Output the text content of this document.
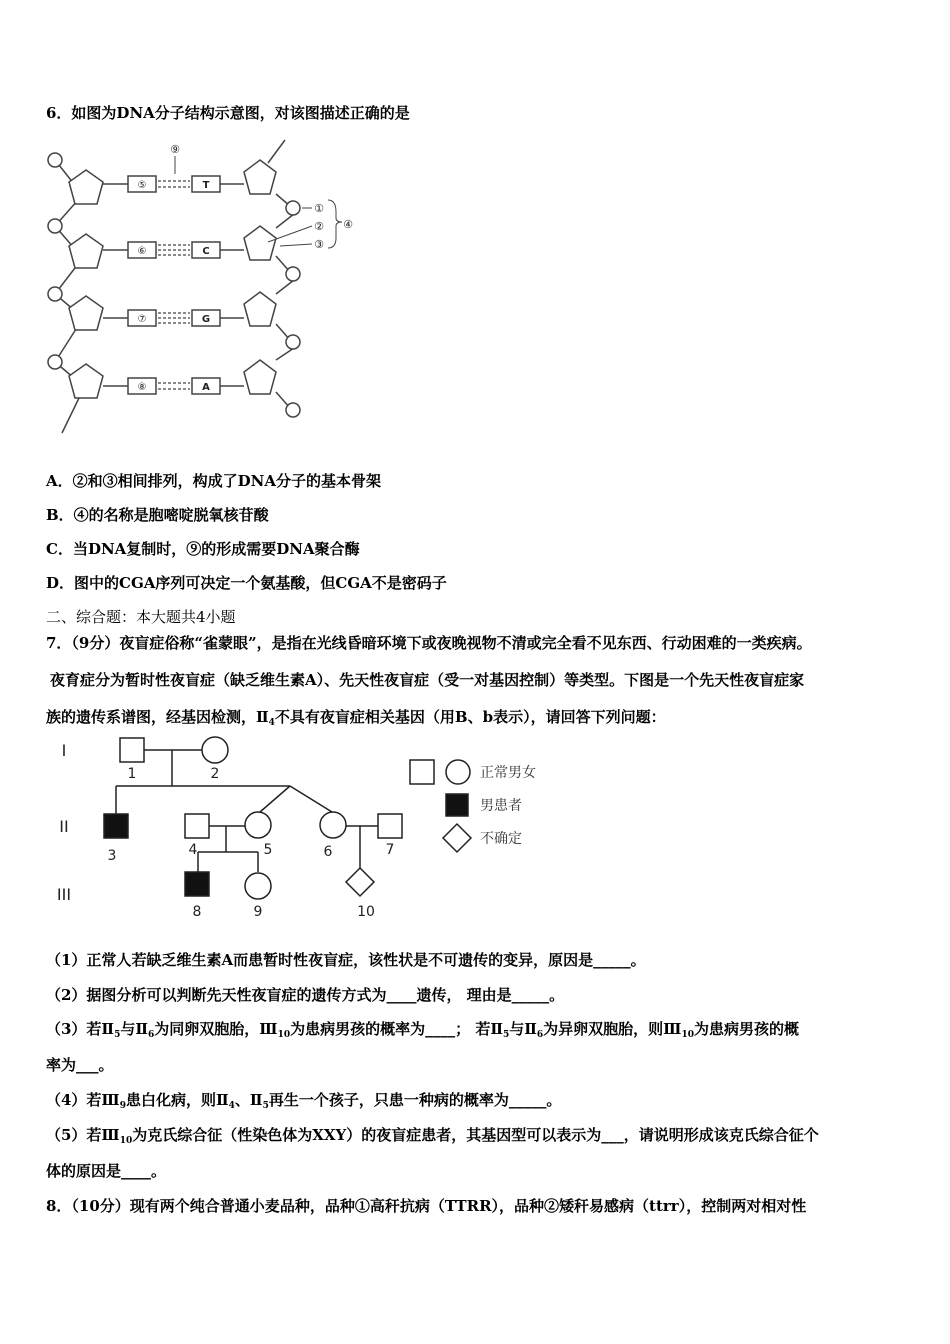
6．如图为DNA分子结构示意图，对该图描述正确的是
⑤
⑥
⑦
⑧
T
C
G
A
⑨
①
②
③
④
A．②和③相间排列，构成了DNA分子的基本骨架
B．④的名称是胞嘧啶脱氧核苷酸
C．当DNA复制时，⑨的形成需要DNA聚合酶
D．图中的CGA序列可决定一个氨基酸，但CGA不是密码子
二、综合题：本大题共4小题
7．（9分）夜盲症俗称“雀蒙眼”，是指在光线昏暗环境下或夜晚视物不清或完全看不见东西、行动困难的一类疾病。
夜育症分为暂时性夜盲症（缺乏维生素A）、先天性夜盲症（受一对基因控制）等类型。下图是一个先天性夜盲症家
族的遗传系谱图，经基因检测，$Ⅱ_4$不具有夜盲症相关基因（用B、b表示），请回答下列问题：
I
II
III
1	2
3	4	5	6	7
8	9	10
正常男女
男患者
不确定
（1）正常人若缺乏维生素A而患暂时性夜盲症，该性状是不可遗传的变异，原因是_____。
（2）据图分析可以判断先天性夜盲症的遗传方式为____遗传， 理由是_____。
（3）若$Ⅱ_5$与$Ⅱ_6$为同卵双胞胎，$Ⅲ_{10}$为患病男孩的概率为____； 若$Ⅱ_5$与$Ⅱ_6$为异卵双胞胎，则$Ⅲ_{10}$为患病男孩的概
率为___。
（4）若$Ⅲ_9$患白化病，则$Ⅱ_4$、$Ⅱ_5$再生一个孩子，只患一种病的概率为_____。
（5）若$Ⅲ_{10}$为克氏综合征（性染色体为XXY）的夜盲症患者，其基因型可以表示为___，请说明形成该克氏综合征个
体的原因是____。
8．（10分）现有两个纯合普通小麦品种，品种①高秆抗病（TTRR），品种②矮秆易感病（ttrr），控制两对相对性
